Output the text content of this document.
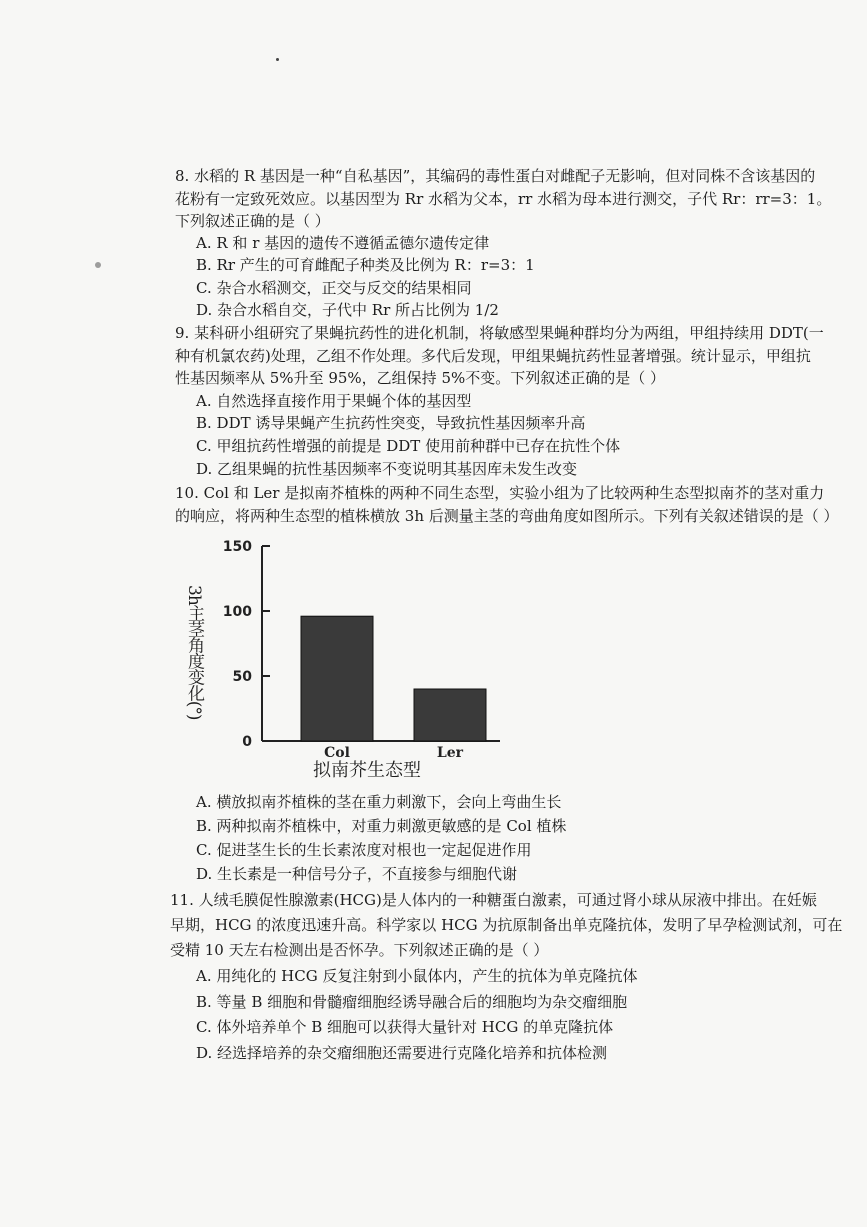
8. 水稻的 R 基因是一种“自私基因”，其编码的毒性蛋白对雌配子无影响，但对同株不含该基因的
花粉有一定致死效应。以基因型为 Rr 水稻为父本，rr 水稻为母本进行测交，子代 Rr：rr=3：1。
下列叙述正确的是（ ）
A. R 和 r 基因的遗传不遵循孟德尔遗传定律
B. Rr 产生的可育雌配子种类及比例为 R：r=3：1
C. 杂合水稻测交，正交与反交的结果相同
D. 杂合水稻自交，子代中 Rr 所占比例为 1/2
9. 某科研小组研究了果蝇抗药性的进化机制，将敏感型果蝇种群均分为两组，甲组持续用 DDT(一
种有机氯农药)处理，乙组不作处理。多代后发现，甲组果蝇抗药性显著增强。统计显示，甲组抗
性基因频率从 5%升至 95%，乙组保持 5%不变。下列叙述正确的是（ ）
A. 自然选择直接作用于果蝇个体的基因型
B. DDT 诱导果蝇产生抗药性突变，导致抗性基因频率升高
C. 甲组抗药性增强的前提是 DDT 使用前种群中已存在抗性个体
D. 乙组果蝇的抗性基因频率不变说明其基因库未发生改变
10. Col 和 Ler 是拟南芥植株的两种不同生态型，实验小组为了比较两种生态型拟南芥的茎对重力
的响应，将两种生态型的植株横放 3h 后测量主茎的弯曲角度如图所示。下列有关叙述错误的是（ ）
0
50
100
150
Col	Ler
3h主茎角度变化(°)
拟南芥生态型
A. 横放拟南芥植株的茎在重力刺激下，会向上弯曲生长
B. 两种拟南芥植株中，对重力刺激更敏感的是 Col 植株
C. 促进茎生长的生长素浓度对根也一定起促进作用
D. 生长素是一种信号分子，不直接参与细胞代谢
11. 人绒毛膜促性腺激素(HCG)是人体内的一种糖蛋白激素，可通过肾小球从尿液中排出。在妊娠
早期，HCG 的浓度迅速升高。科学家以 HCG 为抗原制备出单克隆抗体，发明了早孕检测试剂，可在
受精 10 天左右检测出是否怀孕。下列叙述正确的是（ ）
A. 用纯化的 HCG 反复注射到小鼠体内，产生的抗体为单克隆抗体
B. 等量 B 细胞和骨髓瘤细胞经诱导融合后的细胞均为杂交瘤细胞
C. 体外培养单个 B 细胞可以获得大量针对 HCG 的单克隆抗体
D. 经选择培养的杂交瘤细胞还需要进行克隆化培养和抗体检测
